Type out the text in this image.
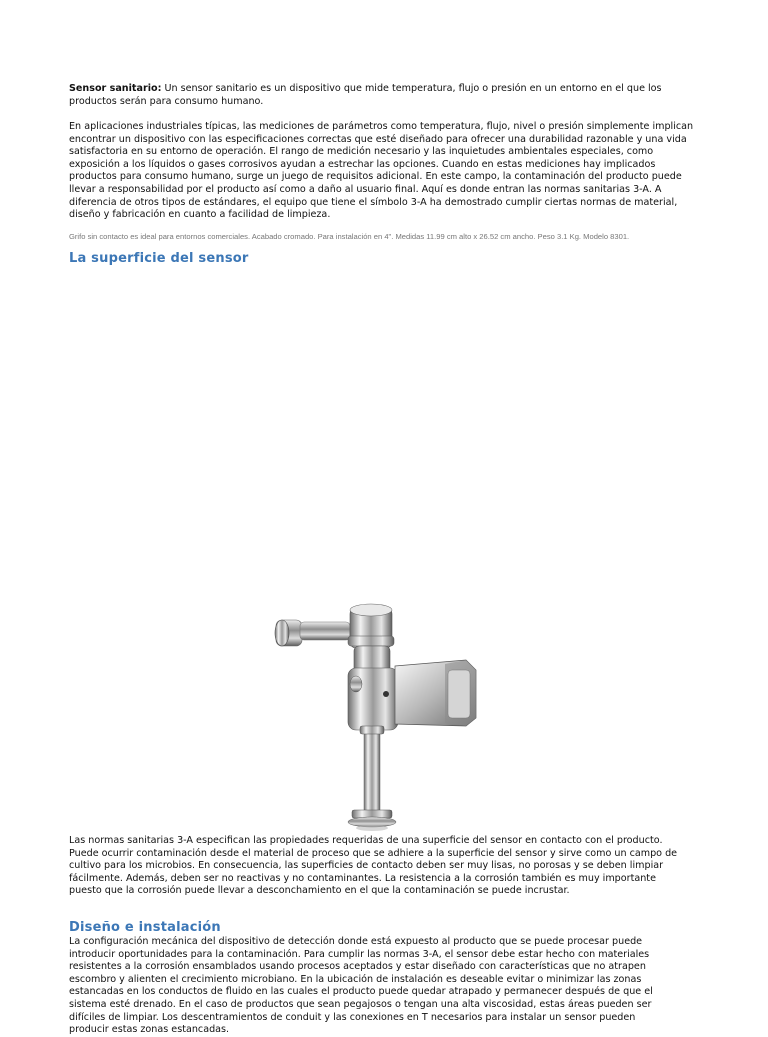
Sensor sanitario: Un sensor sanitario es un dispositivo que mide temperatura, flujo o presión en un entorno en el que los productos serán para consumo humano.

En aplicaciones industriales típicas, las mediciones de parámetros como temperatura, flujo, nivel o presión simplemente implican encontrar un dispositivo con las especificaciones correctas que esté diseñado para ofrecer una durabilidad razonable y una vida satisfactoria en su entorno de operación. El rango de medición necesario y las inquietudes ambientales especiales, como exposición a los líquidos o gases corrosivos ayudan a estrechar las opciones. Cuando en estas mediciones hay implicados productos para consumo humano, surge un juego de requisitos adicional. En este campo, la contaminación del producto puede llevar a responsabilidad por el producto así como a daño al usuario final. Aquí es donde entran las normas sanitarias 3-A. A diferencia de otros tipos de estándares, el equipo que tiene el símbolo 3-A ha demostrado cumplir ciertas normas de material, diseño y fabricación en cuanto a facilidad de limpieza.

Grifo sin contacto es ideal para entornos comerciales. Acabado cromado. Para instalación en 4". Medidas 11.99 cm alto x 26.52 cm ancho. Peso 3.1 Kg. Modelo 8301.
La superficie del sensor

Las normas sanitarias 3-A especifican las propiedades requeridas de una superficie del sensor en contacto con el producto. Puede ocurrir contaminación desde el material de proceso que se adhiere a la superficie del sensor y sirve como un campo de cultivo para los microbios. En consecuencia, las superficies de contacto deben ser muy lisas, no porosas y se deben limpiar fácilmente. Además, deben ser no reactivas y no contaminantes. La resistencia a la corrosión también es muy importante puesto que la corrosión puede llevar a desconchamiento en el que la contaminación se puede incrustar.

Diseño e instalación

La configuración mecánica del dispositivo de detección donde está expuesto al producto que se puede procesar puede introducir oportunidades para la contaminación. Para cumplir las normas 3-A, el sensor debe estar hecho con materiales resistentes a la corrosión ensamblados usando procesos aceptados y estar diseñado con características que no atrapen escombro y alienten el crecimiento microbiano. En la ubicación de instalación es deseable evitar o minimizar las zonas estancadas en los conductos de fluido en las cuales el producto puede quedar atrapado y permanecer después de que el sistema esté drenado. En el caso de productos que sean pegajosos o tengan una alta viscosidad, estas áreas pueden ser difíciles de limpiar. Los descentramientos de conduit y las conexiones en T necesarios para instalar un sensor pueden producir estas zonas estancadas.
